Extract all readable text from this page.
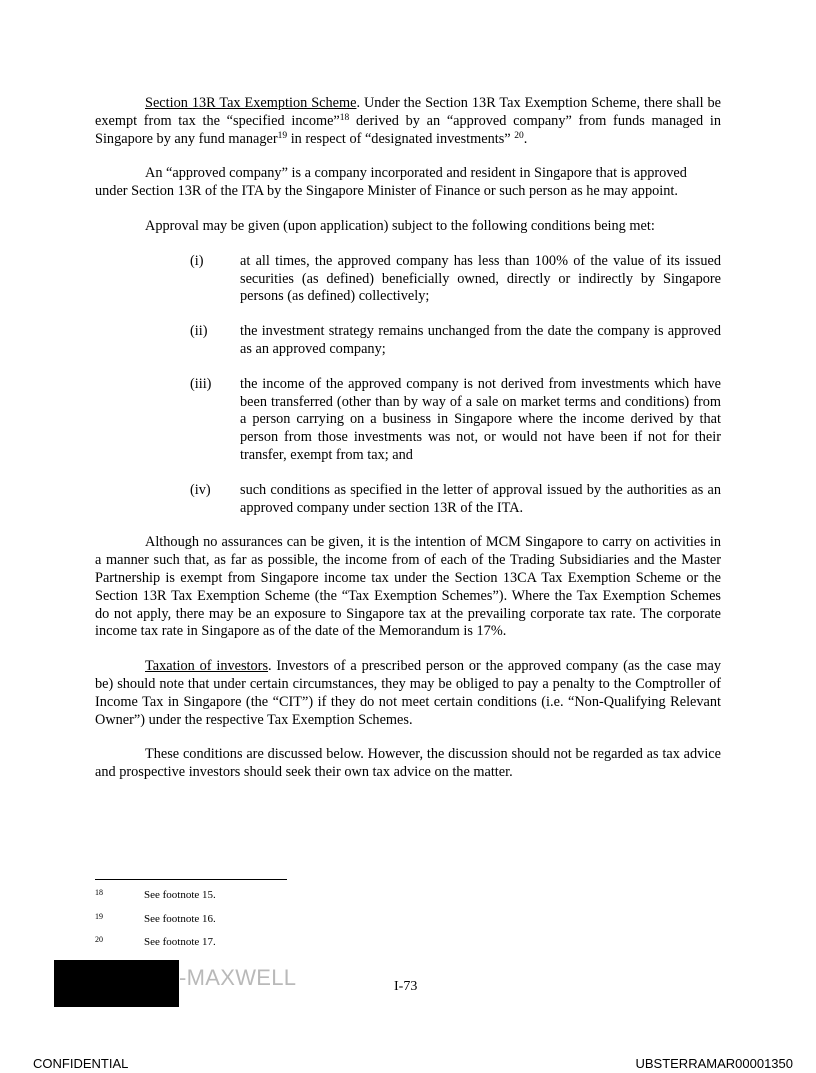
Section 13R Tax Exemption Scheme. Under the Section 13R Tax Exemption Scheme, there shall be exempt from tax the “specified income”$^{18}$ derived by an “approved company” from funds managed in Singapore by any fund manager$^{19}$ in respect of “designated investments” $^{20}$.

An “approved company” is a company incorporated and resident in Singapore that is approved under Section 13R of the ITA by the Singapore Minister of Finance or such person as he may appoint.

Approval may be given (upon application) subject to the following conditions being met:

(i)	at all times, the approved company has less than 100% of the value of its issued securities (as defined) beneficially owned, directly or indirectly by Singapore persons (as defined) collectively;
(ii)	the investment strategy remains unchanged from the date the company is approved as an approved company;
(iii)	the income of the approved company is not derived from investments which have been transferred (other than by way of a sale on market terms and conditions) from a person carrying on a business in Singapore where the income derived by that person from those investments was not, or would not have been if not for their transfer, exempt from tax; and
(iv)	such conditions as specified in the letter of approval issued by the authorities as an approved company under section 13R of the ITA.

Although no assurances can be given, it is the intention of MCM Singapore to carry on activities in a manner such that, as far as possible, the income from of each of the Trading Subsidiaries and the Master Partnership is exempt from Singapore income tax under the Section 13CA Tax Exemption Scheme or the Section 13R Tax Exemption Scheme (the “Tax Exemption Schemes”). Where the Tax Exemption Schemes do not apply, there may be an exposure to Singapore tax at the prevailing corporate tax rate. The corporate income tax rate in Singapore as of the date of the Memorandum is 17%.

Taxation of investors. Investors of a prescribed person or the approved company (as the case may be) should note that under certain circumstances, they may be obliged to pay a penalty to the Comptroller of Income Tax in Singapore (the “CIT”) if they do not meet certain conditions (i.e. “Non-Qualifying Relevant Owner”) under the respective Tax Exemption Schemes.

These conditions are discussed below. However, the discussion should not be regarded as tax advice and prospective investors should seek their own tax advice on the matter.

18	See footnote 15.
19	See footnote 16.
20	See footnote 17.
-MAXWELL	I-73
CONFIDENTIAL	UBSTERRAMAR00001350
